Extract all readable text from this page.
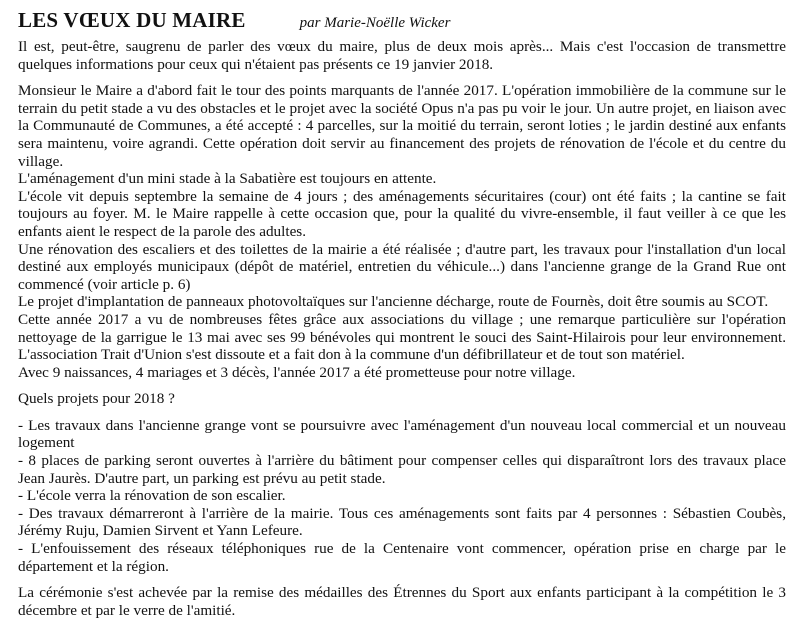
LES VŒUX DU MAIRE	par Marie-Noëlle Wicker

Il est, peut-être, saugrenu de parler des vœux du maire, plus de deux mois après... Mais c'est l'occasion de transmettre quelques informations pour ceux qui n'étaient pas présents ce 19 janvier 2018.

Monsieur le Maire a d'abord fait le tour des points marquants de l'année 2017. L'opération immobilière de la commune sur le terrain du petit stade a vu des obstacles et le projet avec la société Opus n'a pas pu voir le jour. Un autre projet, en liaison avec la Communauté de Communes, a été accepté : 4 parcelles, sur la moitié du terrain, seront loties ; le jardin destiné aux enfants sera maintenu, voire agrandi. Cette opération doit servir au financement des projets de rénovation de l'école et du centre du village.

L'aménagement d'un mini stade à la Sabatière est toujours en attente.

L'école vit depuis septembre la semaine de 4 jours ; des aménagements sécuritaires (cour) ont été faits ; la cantine se fait toujours au foyer. M. le Maire rappelle à cette occasion que, pour la qualité du vivre-ensemble, il faut veiller à ce que les enfants aient le respect de la parole des adultes.

Une rénovation des escaliers et des toilettes de la mairie a été réalisée ; d'autre part, les travaux pour l'installation d'un local destiné aux employés municipaux (dépôt de matériel, entretien du véhicule...) dans l'ancienne grange de la Grand Rue ont commencé (voir article p. 6)

Le projet d'implantation de panneaux photovoltaïques sur l'ancienne décharge, route de Fournès, doit être soumis au SCOT.

Cette année 2017 a vu de nombreuses fêtes grâce aux associations du village ; une remarque particulière sur l'opération nettoyage de la garrigue le 13 mai avec ses 99 bénévoles qui montrent le souci des Saint-Hilairois pour leur environnement. L'association Trait d'Union s'est dissoute et a fait don à la commune d'un défibrillateur et de tout son matériel.

Avec 9 naissances, 4 mariages et 3 décès, l'année 2017 a été prometteuse pour notre village.

Quels projets pour 2018 ?

- Les travaux dans l'ancienne grange vont se poursuivre avec l'aménagement d'un nouveau local commercial et un nouveau logement

- 8 places de parking seront ouvertes à l'arrière du bâtiment pour compenser celles qui disparaîtront lors des travaux place Jean Jaurès. D'autre part, un parking est prévu au petit stade.

- L'école verra la rénovation de son escalier.

- Des travaux démarreront à l'arrière de la mairie. Tous ces aménagements sont faits par 4 personnes : Sébastien Coubès, Jérémy Ruju, Damien Sirvent et Yann Lefeure.

- L'enfouissement des réseaux téléphoniques rue de la Centenaire vont commencer, opération prise en charge par le département et la région.

La cérémonie s'est achevée par la remise des médailles des Étrennes du Sport aux enfants participant à la compétition le 3 décembre et par le verre de l'amitié.
